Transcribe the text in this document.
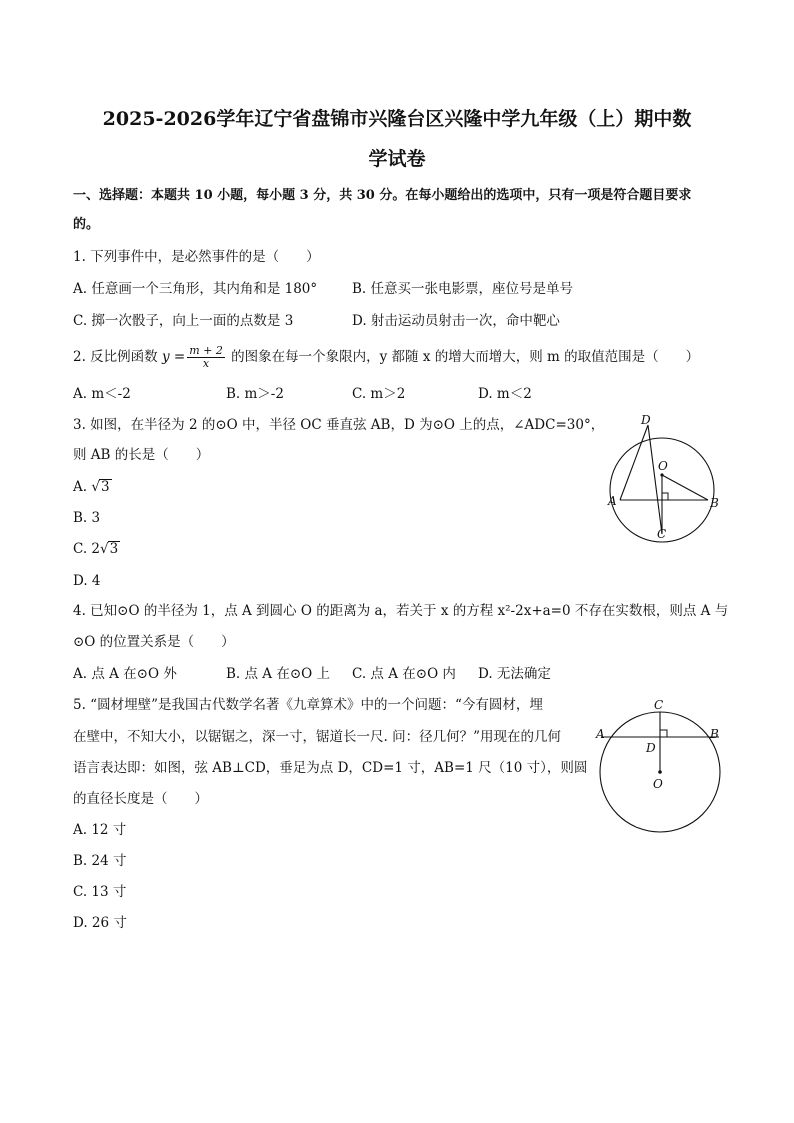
2025-2026学年辽宁省盘锦市兴隆台区兴隆中学九年级（上）期中数
学试卷
一、选择题：本题共 10 小题，每小题 3 分，共 30 分。在每小题给出的选项中，只有一项是符合题目要求
的。
1. 下列事件中，是必然事件的是（　　）
A. 任意画一个三角形，其内角和是 180°	B. 任意买一张电影票，座位号是单号
C. 掷一次骰子，向上一面的点数是 3	D. 射击运动员射击一次，命中靶心
2. 反比例函数 $y = \frac{m + 2}{x}$ 的图象在每一个象限内，y 都随 x 的增大而增大，则 m 的取值范围是（　　）
A. m＜-2	B. m＞-2	C. m＞2	D. m＜2
3. 如图，在半径为 2 的⊙O 中，半径 OC 垂直弦 AB，D 为⊙O 上的点，∠ADC=30°，
则 AB 的长是（　　）
A. √3
B. 3
C. 2√3
D. 4
D
O
A	B
C
4. 已知⊙O 的半径为 1，点 A 到圆心 O 的距离为 a，若关于 x 的方程 x²-2x+a=0 不存在实数根，则点 A 与
⊙O 的位置关系是（　　）
A. 点 A 在⊙O 外	B. 点 A 在⊙O 上 C. 点 A 在⊙O 内 D. 无法确定
5. “圆材埋壁”是我国古代数学名著《九章算术》中的一个问题：“今有圆材，埋
在壁中，不知大小，以锯锯之，深一寸，锯道长一尺. 问：径几何？”用现在的几何
语言表达即：如图，弦 AB⊥CD，垂足为点 D，CD=1 寸，AB=1 尺（10 寸），则圆
的直径长度是（　　）
A. 12 寸
B. 24 寸
C. 13 寸
D. 26 寸
C
A	B
D
O
